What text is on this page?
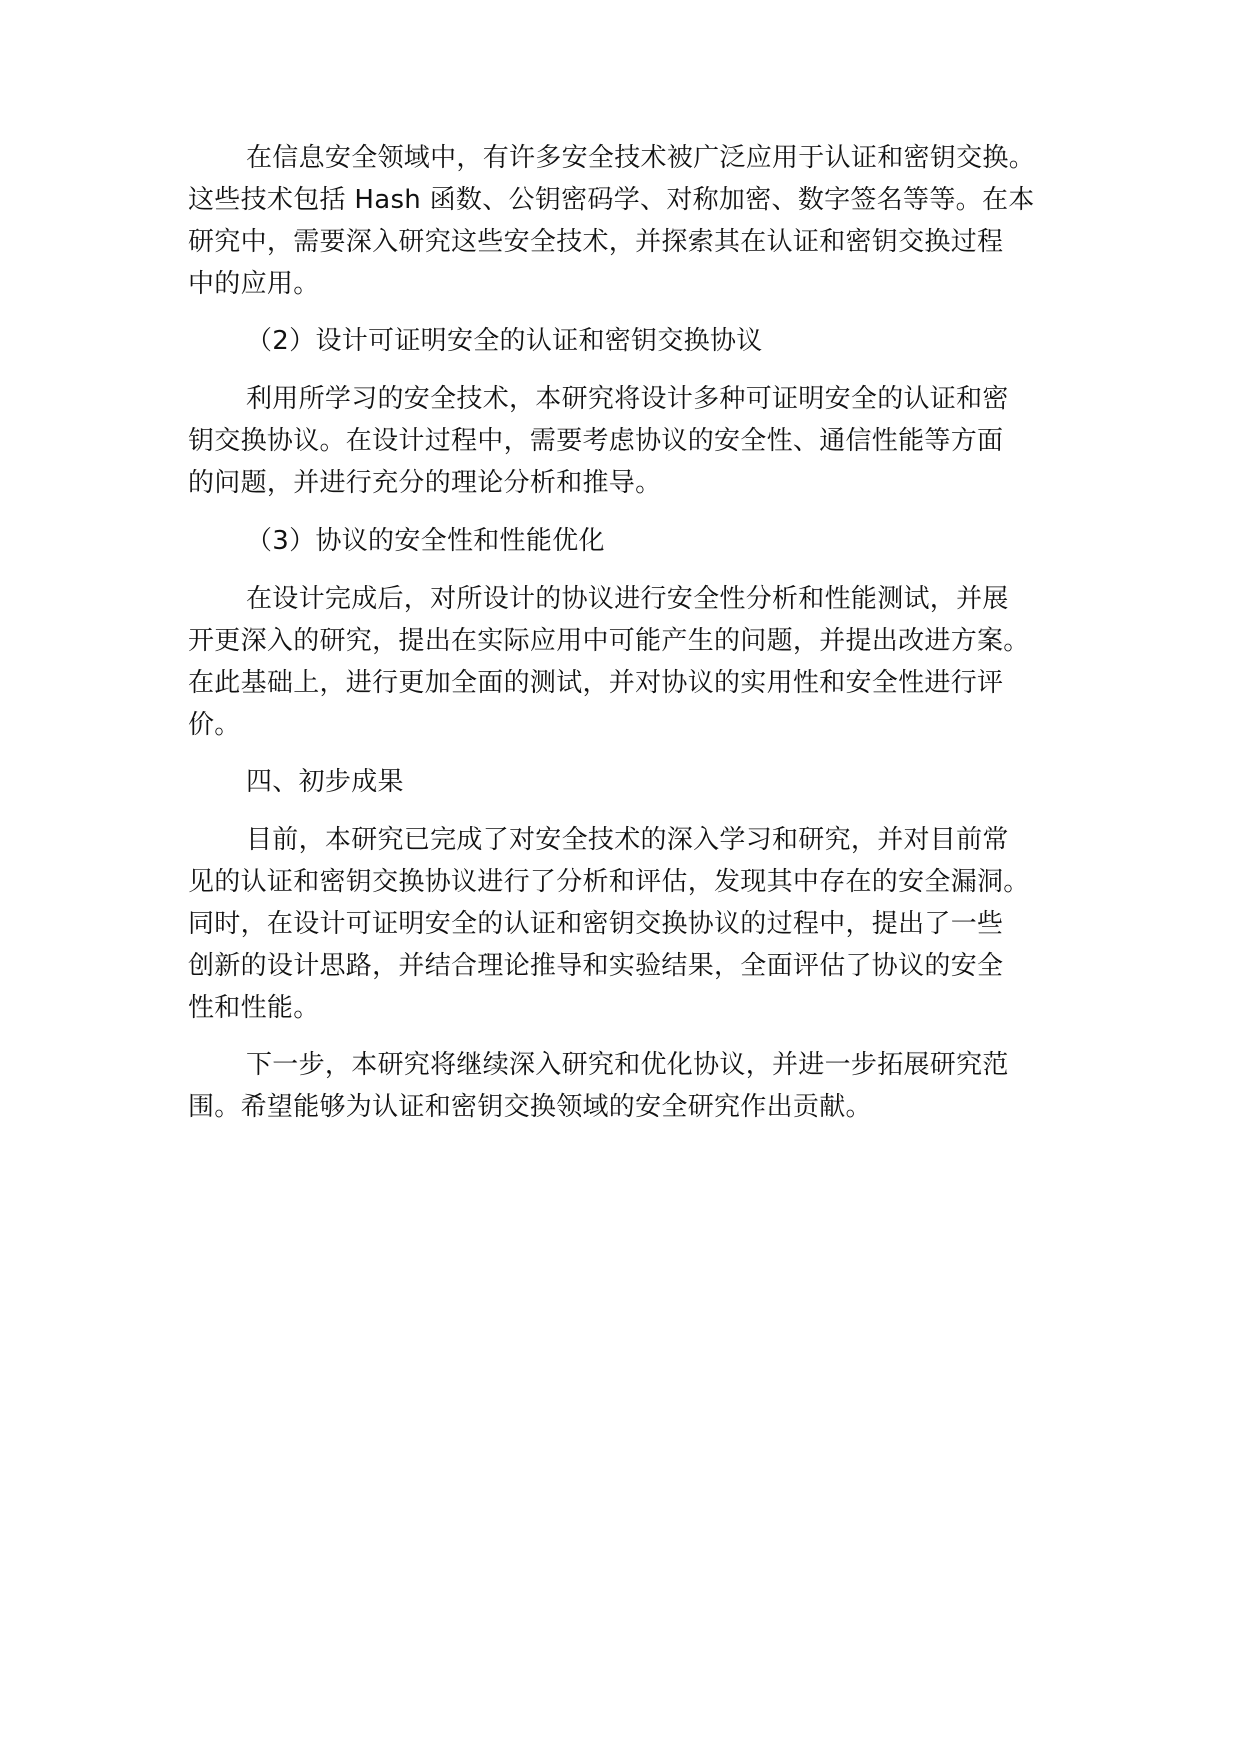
在信息安全领域中，有许多安全技术被广泛应用于认证和密钥交换。
这些技术包括 Hash 函数、公钥密码学、对称加密、数字签名等等。在本
研究中，需要深入研究这些安全技术，并探索其在认证和密钥交换过程
中的应用。
（2）设计可证明安全的认证和密钥交换协议
利用所学习的安全技术，本研究将设计多种可证明安全的认证和密
钥交换协议。在设计过程中，需要考虑协议的安全性、通信性能等方面
的问题，并进行充分的理论分析和推导。
（3）协议的安全性和性能优化
在设计完成后，对所设计的协议进行安全性分析和性能测试，并展
开更深入的研究，提出在实际应用中可能产生的问题，并提出改进方案。
在此基础上，进行更加全面的测试，并对协议的实用性和安全性进行评
价。
四、初步成果
目前，本研究已完成了对安全技术的深入学习和研究，并对目前常
见的认证和密钥交换协议进行了分析和评估，发现其中存在的安全漏洞。
同时，在设计可证明安全的认证和密钥交换协议的过程中，提出了一些
创新的设计思路，并结合理论推导和实验结果，全面评估了协议的安全
性和性能。
下一步，本研究将继续深入研究和优化协议，并进一步拓展研究范
围。希望能够为认证和密钥交换领域的安全研究作出贡献。
